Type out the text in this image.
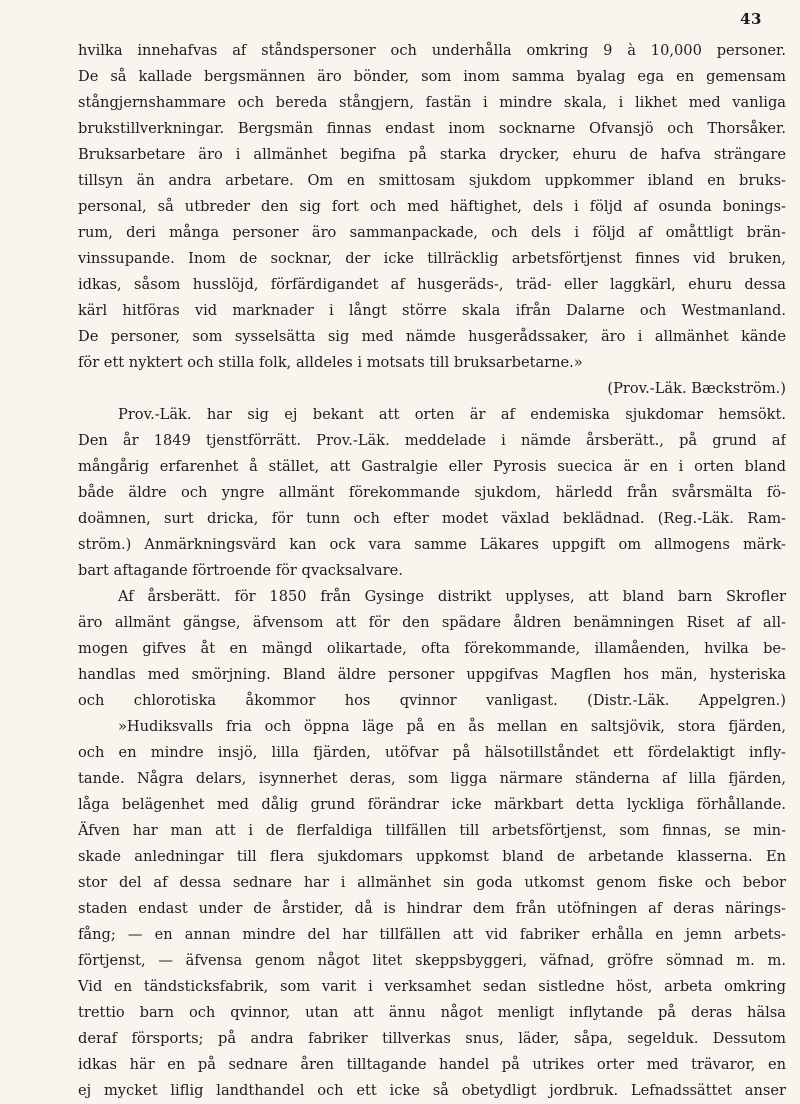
43
hvilka innehafvas af ståndspersoner och underhålla omkring 9 à 10,000 personer.
De så kallade bergsmännen äro bönder, som inom samma byalag ega en gemensam
stångjernshammare och bereda stångjern, fastän i mindre skala, i likhet med vanliga
brukstillverkningar. Bergsmän finnas endast inom socknarne Ofvansjö och Thorsåker.
Bruksarbetare äro i allmänhet begifna på starka drycker, ehuru de hafva strängare
tillsyn än andra arbetare. Om en smittosam sjukdom uppkommer ibland en bruks-
personal, så utbreder den sig fort och med häftighet, dels i följd af osunda bonings-
rum, deri många personer äro sammanpackade, och dels i följd af omåttligt brän-
vinssupande. Inom de socknar, der icke tillräcklig arbetsförtjenst finnes vid bruken,
idkas, såsom husslöjd, förfärdigandet af husgeräds-, träd- eller laggkärl, ehuru dessa
kärl hitföras vid marknader i långt större skala ifrån Dalarne och Westmanland.
De personer, som sysselsätta sig med nämde husgerådssaker, äro i allmänhet kände
för ett nyktert och stilla folk, alldeles i motsats till bruksarbetarne.»
(Prov.-Läk. Bæckström.)
Prov.-Läk. har sig ej bekant att orten är af endemiska sjukdomar hemsökt.
Den år 1849 tjenstförrätt. Prov.-Läk. meddelade i nämde årsberätt., på grund af
mångårig erfarenhet å stället, att Gastralgie eller Pyrosis suecica är en i orten bland
både äldre och yngre allmänt förekommande sjukdom, härledd från svårsmälta fö-
doämnen, surt dricka, för tunn och efter modet växlad beklädnad. (Reg.-Läk. Ram-
ström.) Anmärkningsvärd kan ock vara samme Läkares uppgift om allmogens märk-
bart aftagande förtroende för qvacksalvare.
Af årsberätt. för 1850 från Gysinge distrikt upplyses, att bland barn Skrofler
äro allmänt gängse, äfvensom att för den spädare åldren benämningen Riset af all-
mogen gifves åt en mängd olikartade, ofta förekommande, illamåenden, hvilka be-
handlas med smörjning. Bland äldre personer uppgifvas Magflen hos män, hysteriska
och chlorotiska åkommor hos qvinnor vanligast. (Distr.-Läk. Appelgren.)
»Hudiksvalls fria och öppna läge på en ås mellan en saltsjövik, stora fjärden,
och en mindre insjö, lilla fjärden, utöfvar på hälsotillståndet ett fördelaktigt infly-
tande. Några delars, isynnerhet deras, som ligga närmare ständerna af lilla fjärden,
låga belägenhet med dålig grund förändrar icke märkbart detta lyckliga förhållande.
Äfven har man att i de flerfaldiga tillfällen till arbetsförtjenst, som finnas, se min-
skade anledningar till flera sjukdomars uppkomst bland de arbetande klasserna. En
stor del af dessa sednare har i allmänhet sin goda utkomst genom fiske och bebor
staden endast under de årstider, då is hindrar dem från utöfningen af deras närings-
fång; — en annan mindre del har tillfällen att vid fabriker erhålla en jemn arbets-
förtjenst, — äfvensa genom något litet skeppsbyggeri, väfnad, gröfre sömnad m. m.
Vid en tändsticksfabrik, som varit i verksamhet sedan sistledne höst, arbeta omkring
trettio barn och qvinnor, utan att ännu något menligt inflytande på deras hälsa
deraf försports; på andra fabriker tillverkas snus, läder, såpa, segelduk. Dessutom
idkas här en på sednare åren tilltagande handel på utrikes orter med trävaror, en
ej mycket liflig landthandel och ett icke så obetydligt jordbruk. Lefnadssättet anser
